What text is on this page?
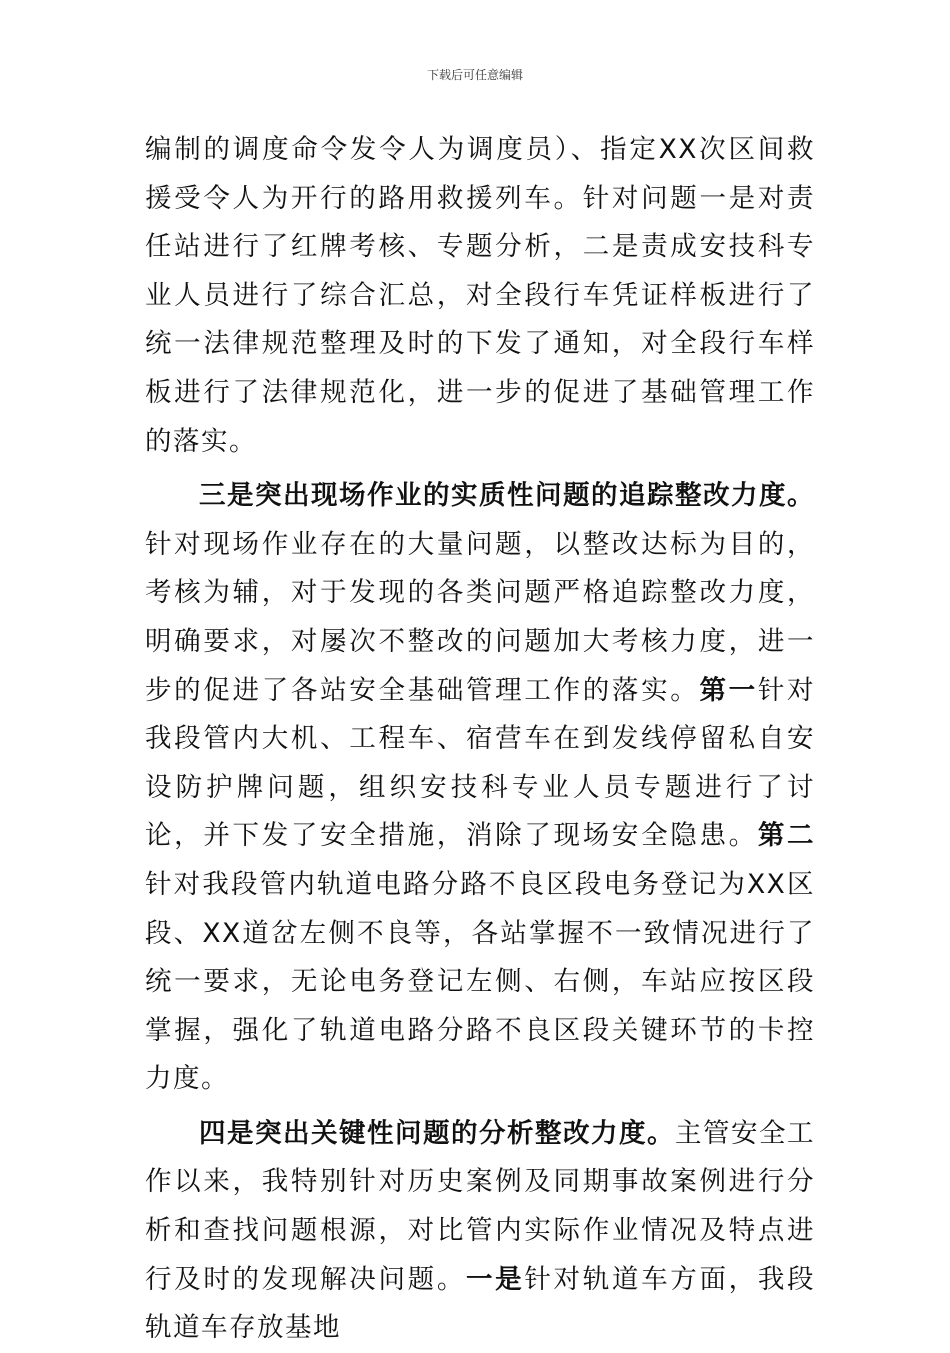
下载后可任意编辑

编制的调度命令发令人为调度员）、指定XX次区间救援受令人为开行的路用救援列车。针对问题一是对责任站进行了红牌考核、专题分析，二是责成安技科专业人员进行了综合汇总，对全段行车凭证样板进行了统一法律规范整理及时的下发了通知，对全段行车样板进行了法律规范化，进一步的促进了基础管理工作的落实。

三是突出现场作业的实质性问题的追踪整改力度。针对现场作业存在的大量问题，以整改达标为目的，考核为辅，对于发现的各类问题严格追踪整改力度，明确要求，对屡次不整改的问题加大考核力度，进一步的促进了各站安全基础管理工作的落实。第一针对我段管内大机、工程车、宿营车在到发线停留私自安设防护牌问题，组织安技科专业人员专题进行了讨论，并下发了安全措施，消除了现场安全隐患。第二针对我段管内轨道电路分路不良区段电务登记为XX区段、XX道岔左侧不良等，各站掌握不一致情况进行了统一要求，无论电务登记左侧、右侧，车站应按区段掌握，强化了轨道电路分路不良区段关键环节的卡控力度。

四是突出关键性问题的分析整改力度。主管安全工作以来，我特别针对历史案例及同期事故案例进行分析和查找问题根源，对比管内实际作业情况及特点进行及时的发现解决问题。一是针对轨道车方面，我段轨道车存放基地
